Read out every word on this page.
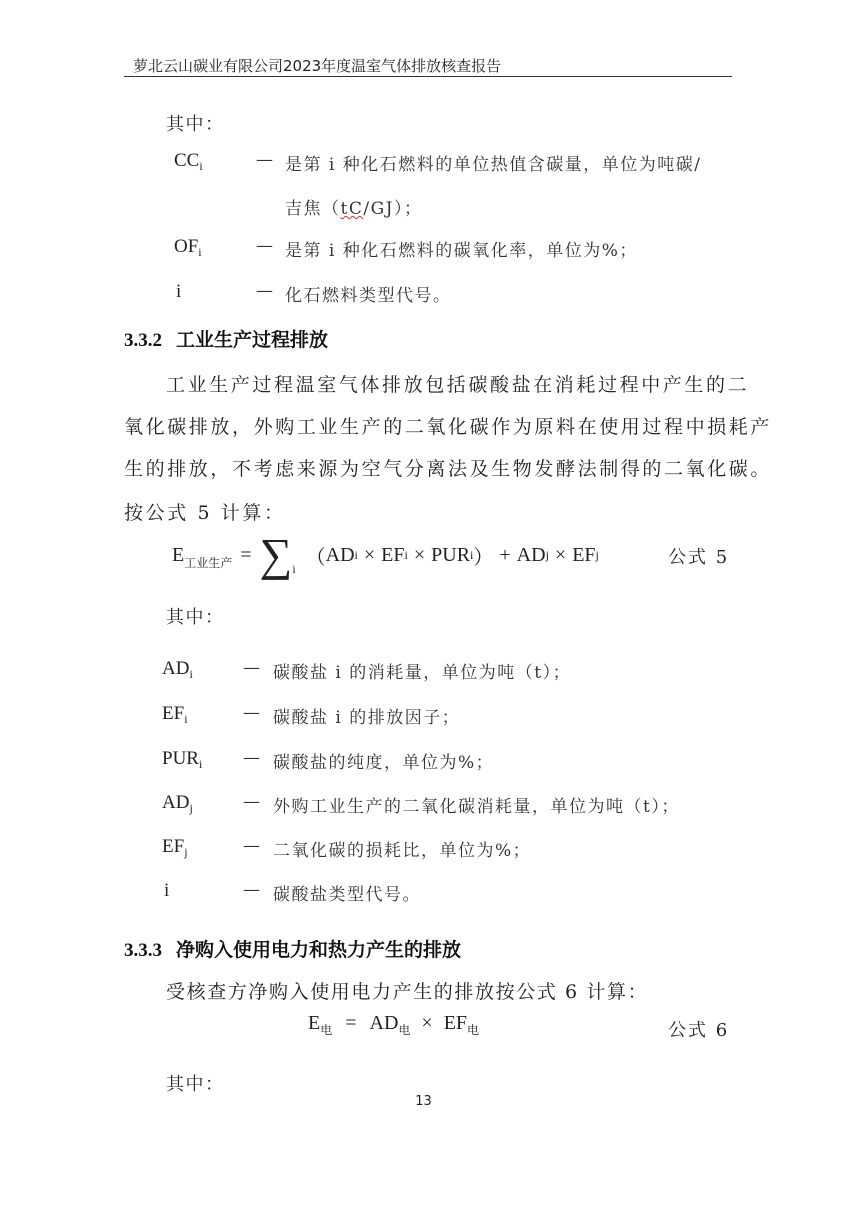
萝北云山碳业有限公司2023年度温室气体排放核查报告
其中：
$CC_i$	— 是第 i 种化石燃料的单位热值含碳量，单位为吨碳/
吉焦（tC/GJ）；
$OF_i$	— 是第 i 种化石燃料的碳氧化率，单位为%；
i	— 化石燃料类型代号。
3.3.2 工业生产过程排放
工业生产过程温室气体排放包括碳酸盐在消耗过程中产生的二
氧化碳排放，外购工业生产的二氧化碳作为原料在使用过程中损耗产
生的排放，不考虑来源为空气分离法及生物发酵法制得的二氧化碳。
按公式 5 计算：
$E_{工业生产} = \sum_i$ （ AD i × EF i × PUR i ） + AD j × EF j	公式 5
其中：
$AD_i$	— 碳酸盐 i 的消耗量，单位为吨（t）；
$EF_i$	— 碳酸盐 i 的排放因子；
$PUR_i$ — 碳酸盐的纯度，单位为%；
$AD_j$	— 外购工业生产的二氧化碳消耗量，单位为吨（t）；
$EF_j$	— 二氧化碳的损耗比，单位为%；
i	— 碳酸盐类型代号。
3.3.3 净购入使用电力和热力产生的排放
受核查方净购入使用电力产生的排放按公式 6 计算：
$E_电 = AD_电 \times EF_电$	公式 6
其中：
13
